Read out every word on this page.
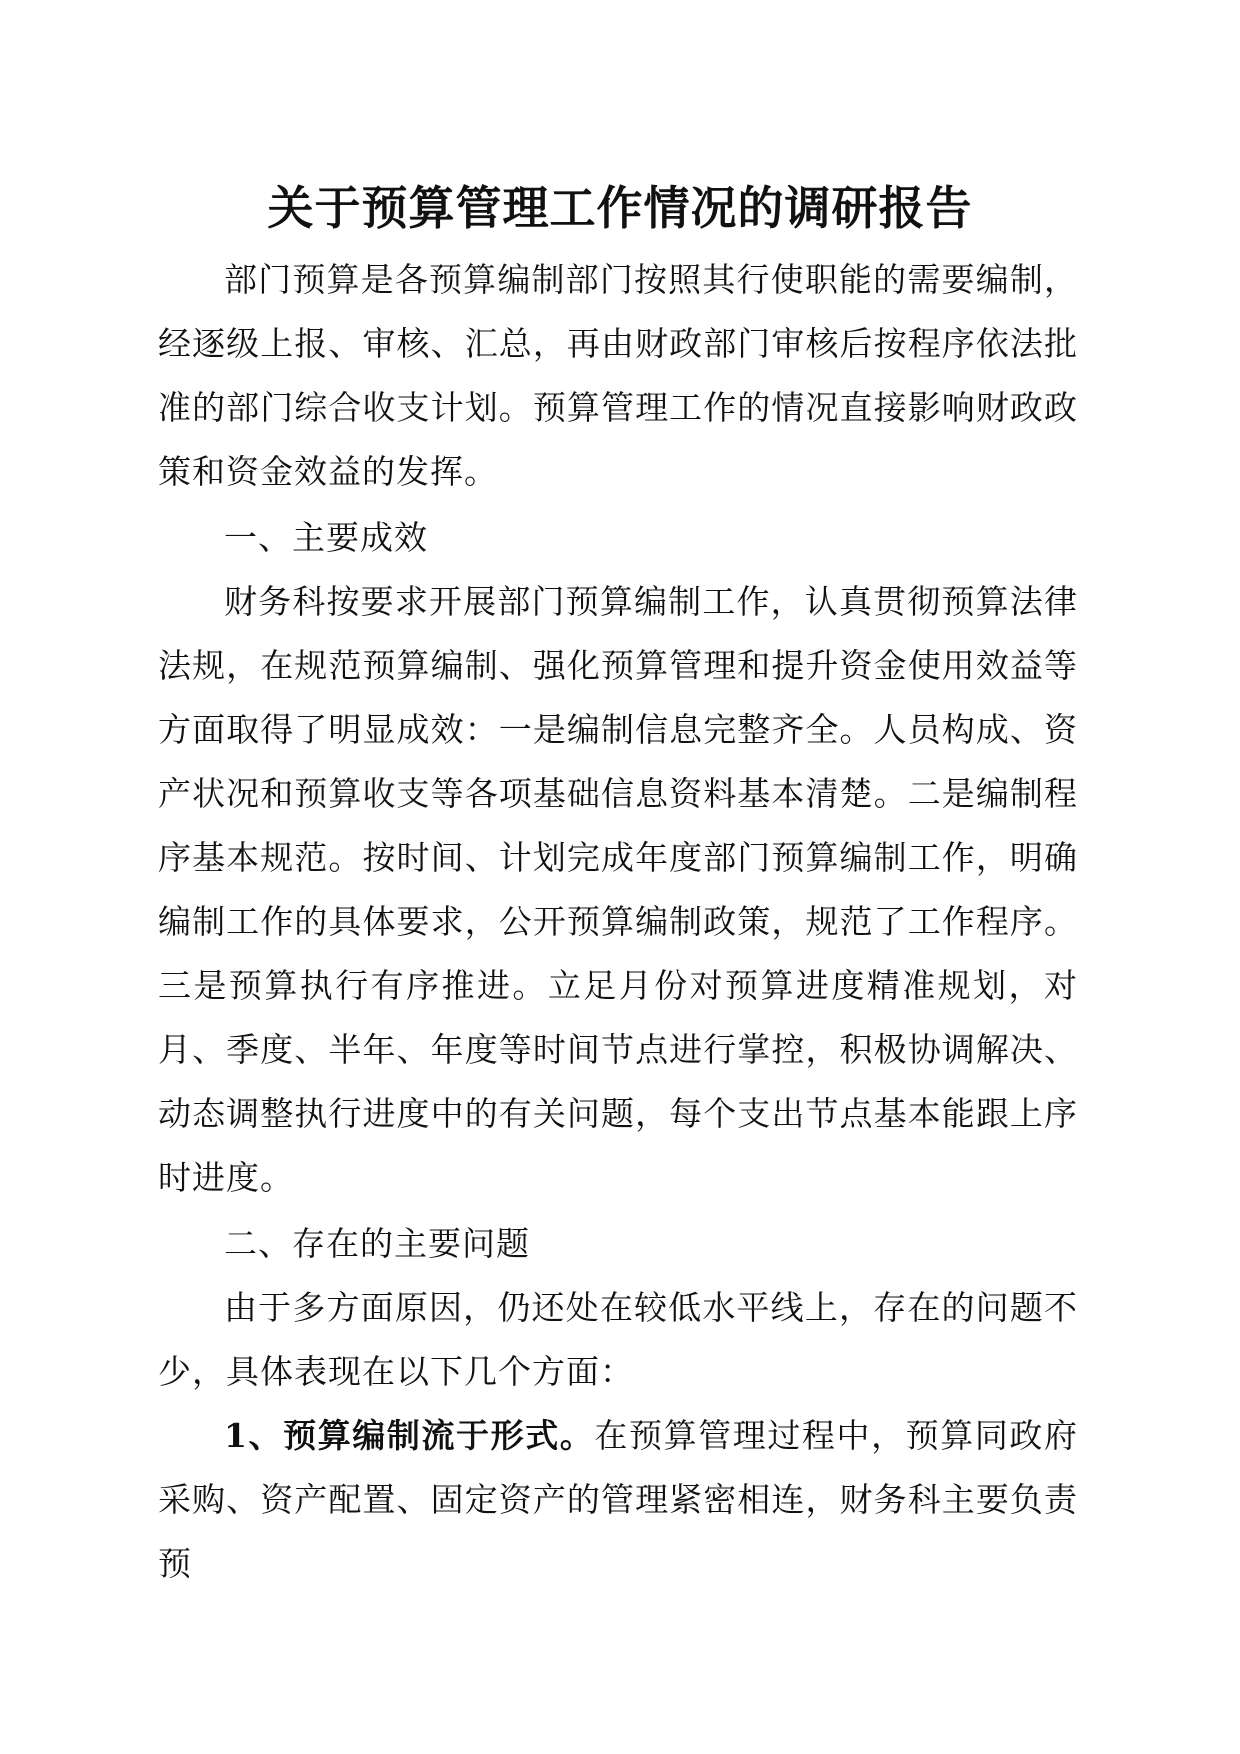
关于预算管理工作情况的调研报告

部门预算是各预算编制部门按照其行使职能的需要编制，经逐级上报、审核、汇总，再由财政部门审核后按程序依法批准的部门综合收支计划。预算管理工作的情况直接影响财政政策和资金效益的发挥。

一、主要成效

财务科按要求开展部门预算编制工作，认真贯彻预算法律法规，在规范预算编制、强化预算管理和提升资金使用效益等方面取得了明显成效：一是编制信息完整齐全。人员构成、资产状况和预算收支等各项基础信息资料基本清楚。二是编制程序基本规范。按时间、计划完成年度部门预算编制工作，明确编制工作的具体要求，公开预算编制政策，规范了工作程序。三是预算执行有序推进。立足月份对预算进度精准规划，对月、季度、半年、年度等时间节点进行掌控，积极协调解决、动态调整执行进度中的有关问题，每个支出节点基本能跟上序时进度。

二、存在的主要问题

由于多方面原因，仍还处在较低水平线上，存在的问题不少，具体表现在以下几个方面：

1、预算编制流于形式。在预算管理过程中，预算同政府采购、资产配置、固定资产的管理紧密相连，财务科主要负责预
